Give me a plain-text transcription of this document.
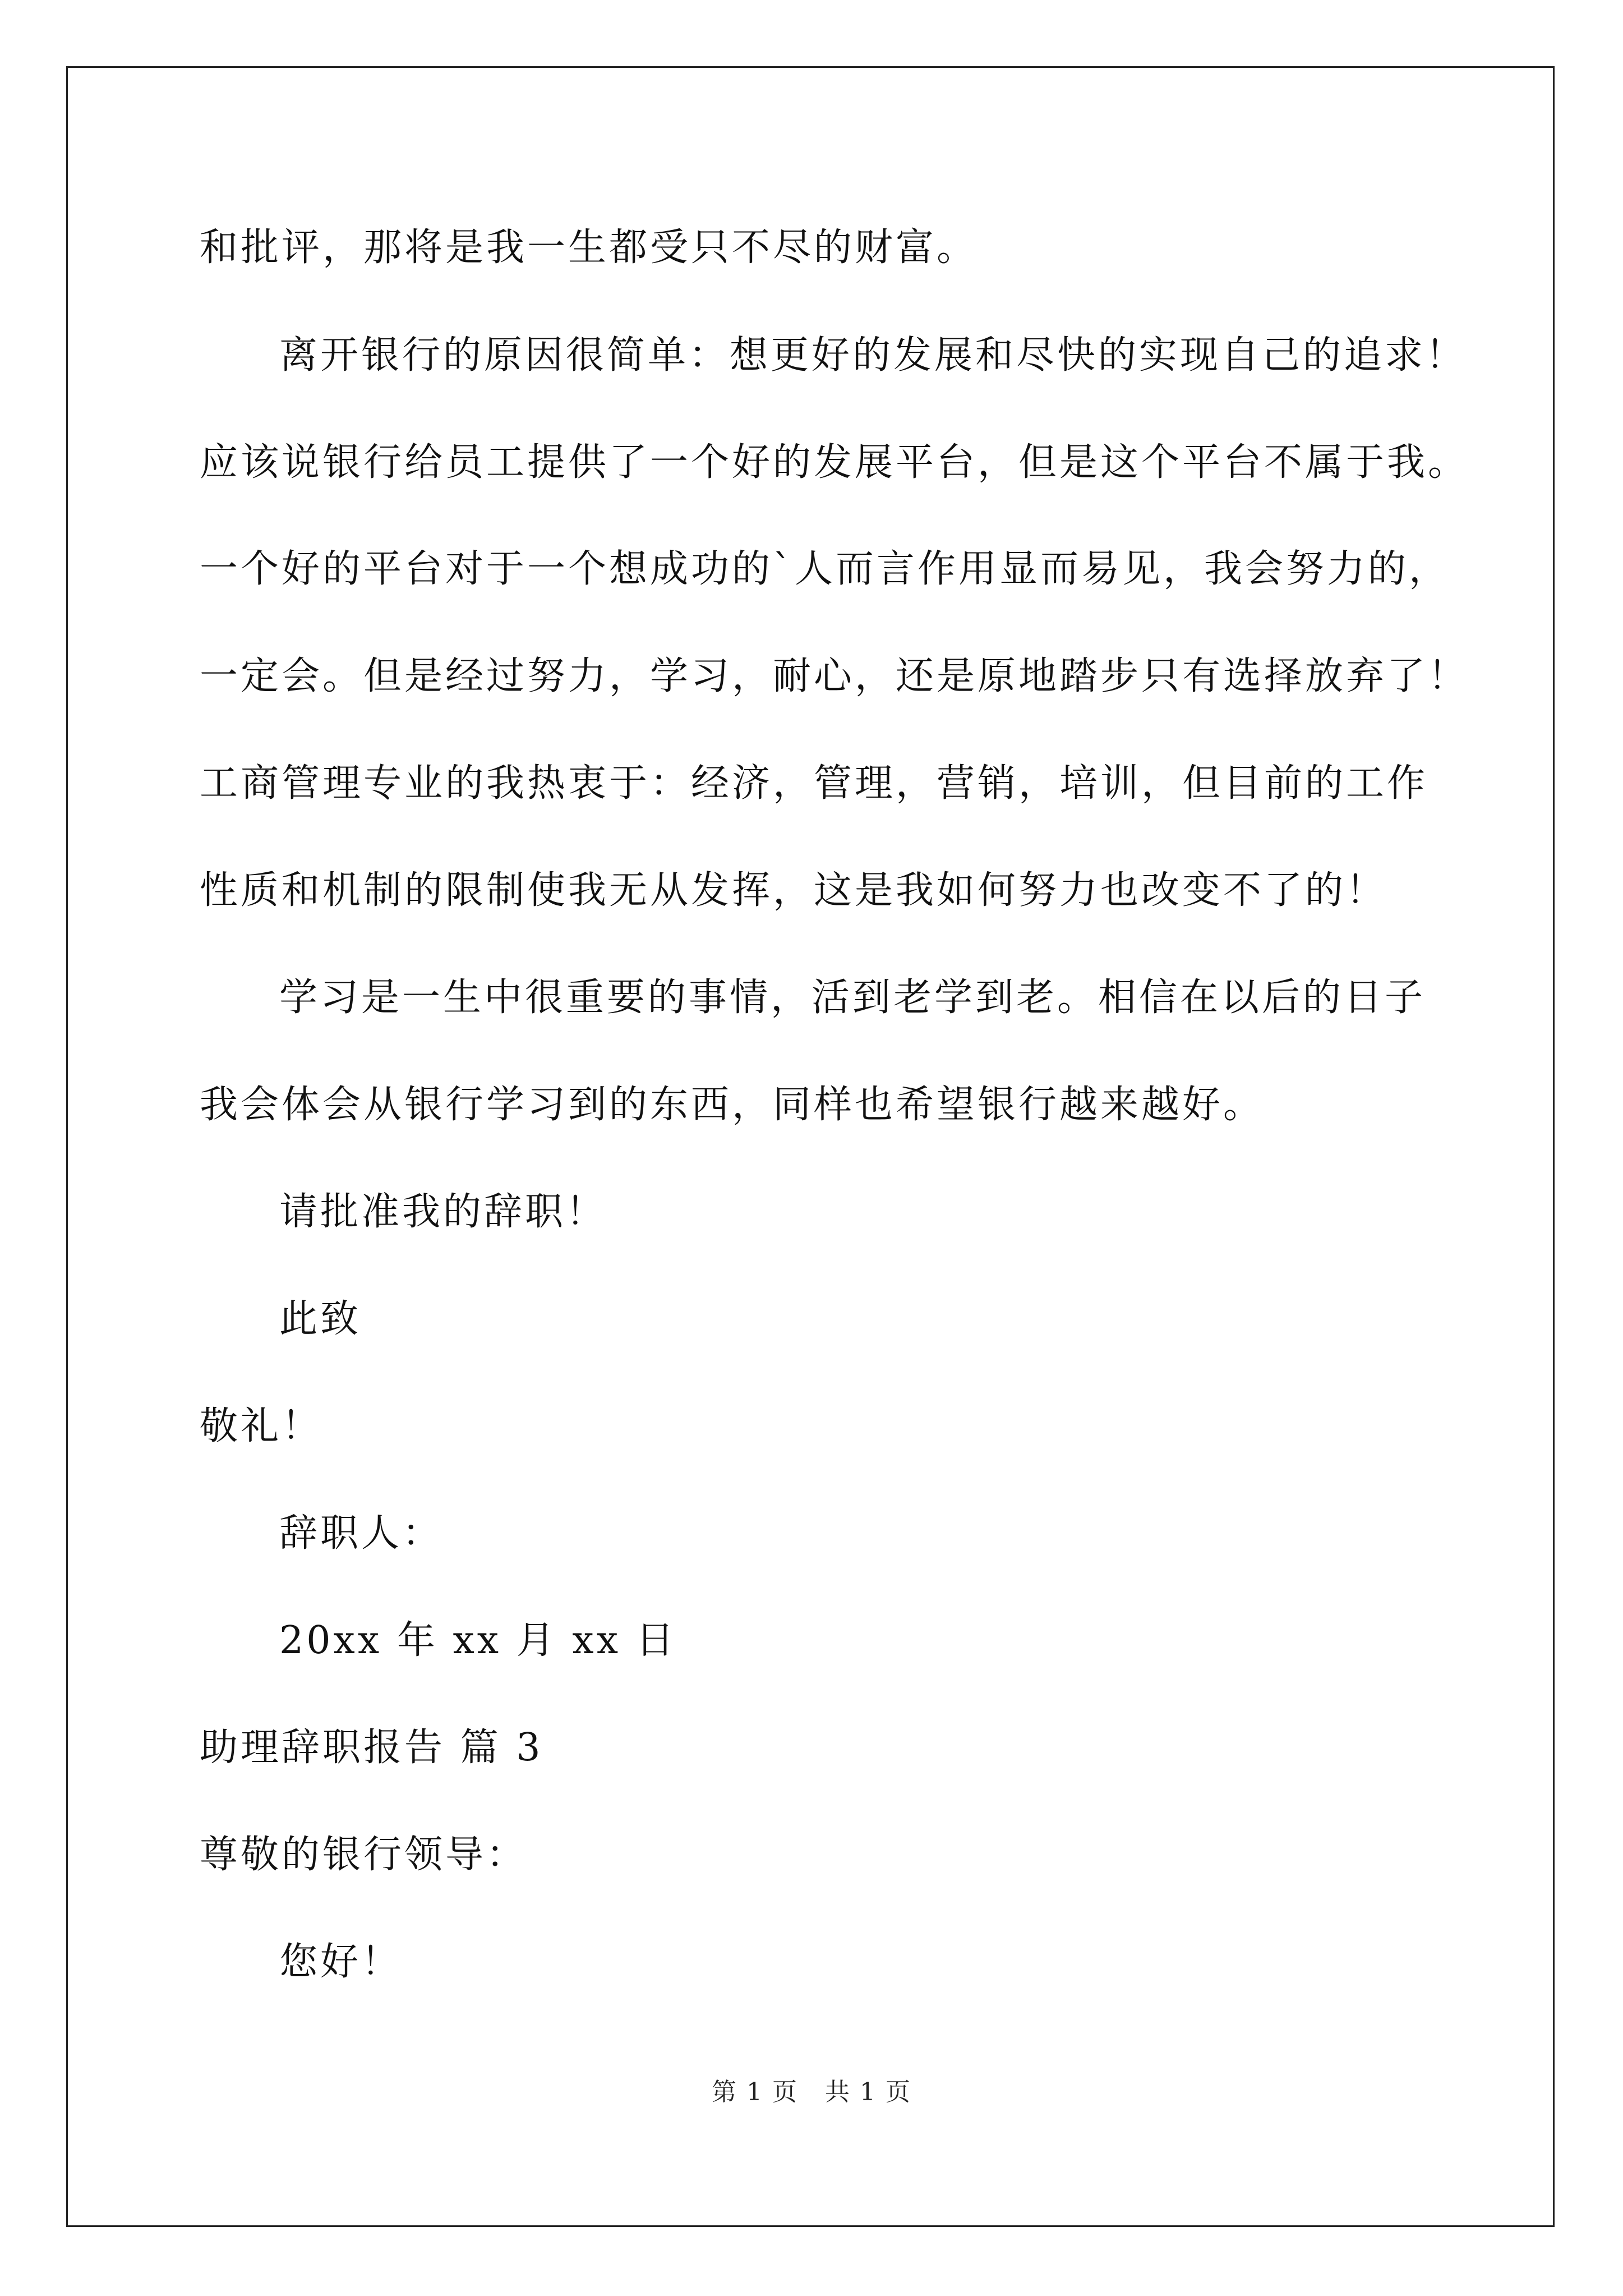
和批评，那将是我一生都受只不尽的财富。
离开银行的原因很简单：想更好的发展和尽快的实现自己的追求！
应该说银行给员工提供了一个好的发展平台，但是这个平台不属于我。
一个好的平台对于一个想成功的`人而言作用显而易见，我会努力的，
一定会。但是经过努力，学习，耐心，还是原地踏步只有选择放弃了！
工商管理专业的我热衷于：经济，管理，营销，培训，但目前的工作
性质和机制的限制使我无从发挥，这是我如何努力也改变不了的！
学习是一生中很重要的事情，活到老学到老。相信在以后的日子
我会体会从银行学习到的东西，同样也希望银行越来越好。
请批准我的辞职！
此致
敬礼！
辞职人：
20xx 年 xx 月 xx 日
助理辞职报告 篇 3
尊敬的银行领导：
您好！
第 1 页 共 1 页
